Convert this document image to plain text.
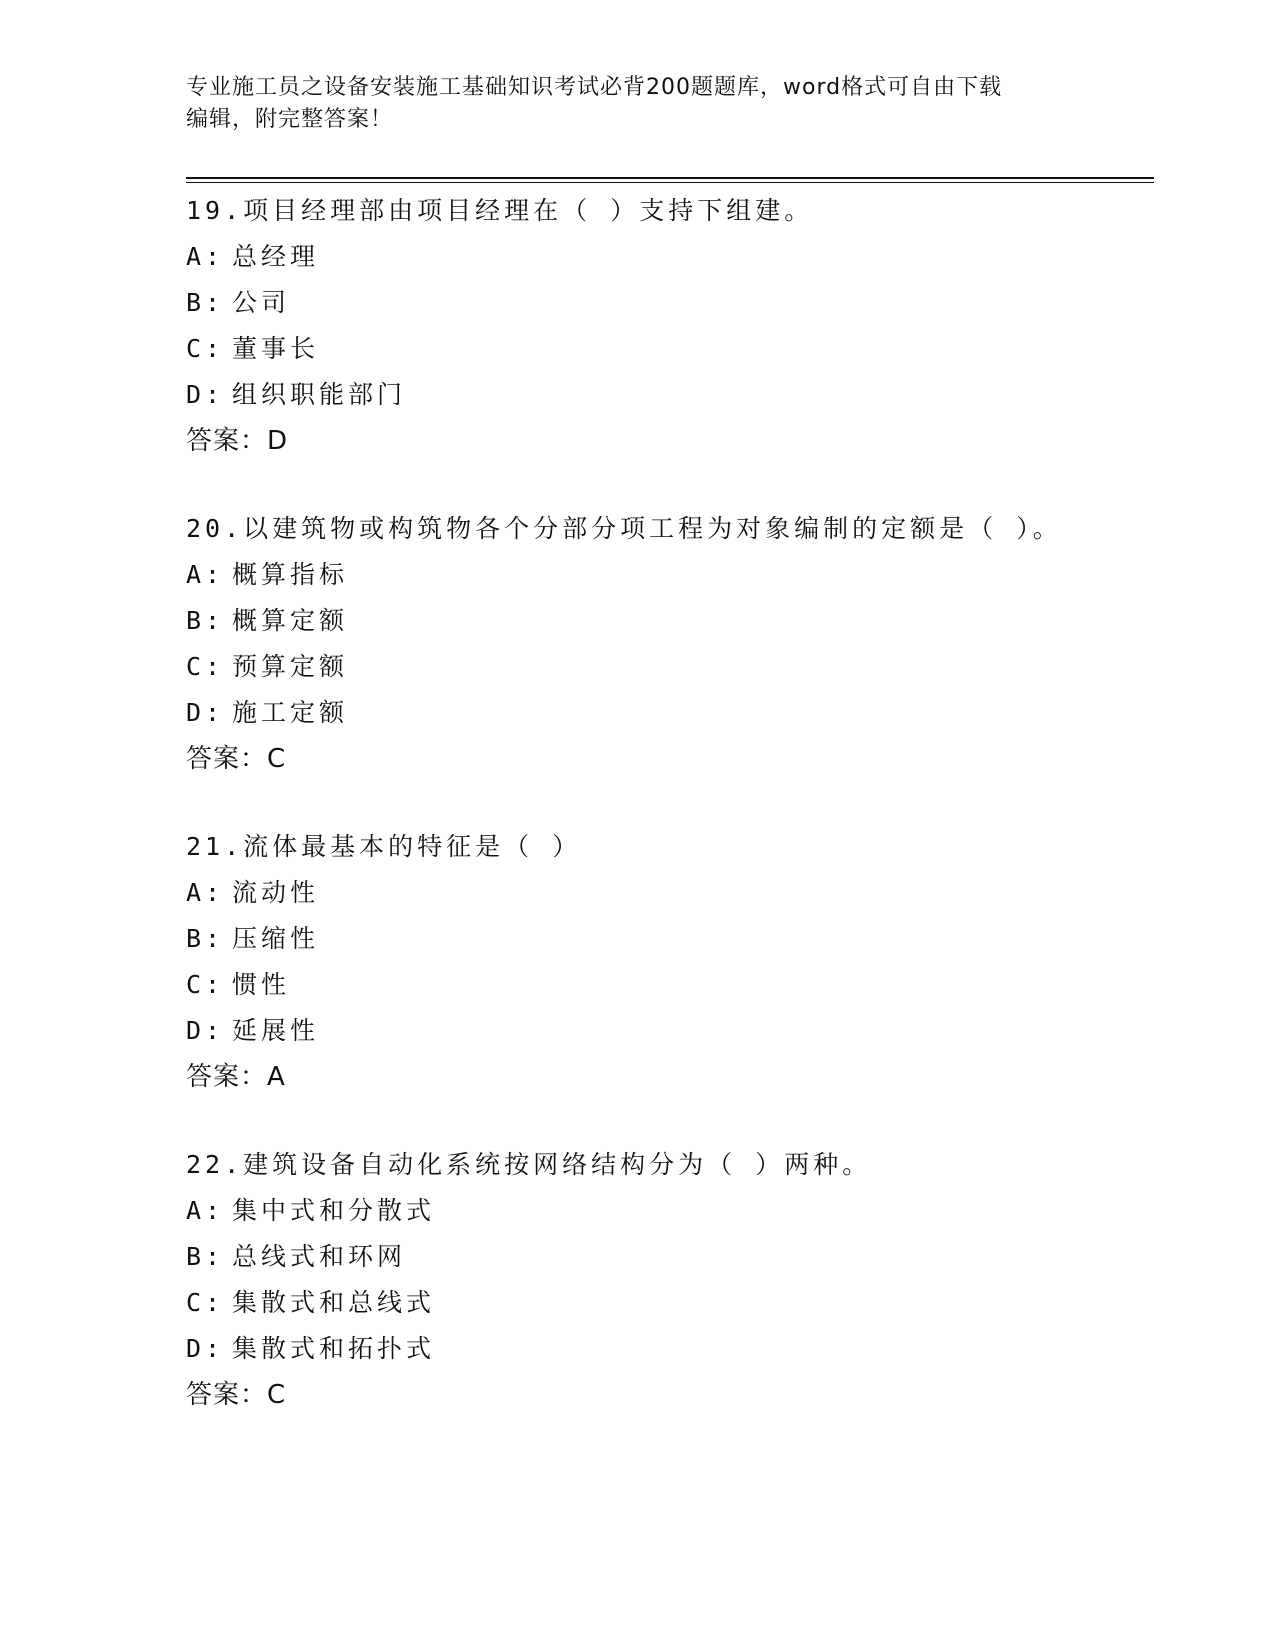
专业施工员之设备安装施工基础知识考试必背200题题库，word格式可自由下载
编辑，附完整答案！
19.项目经理部由项目经理在（ ）支持下组建。
A: 总经理
B: 公司
C: 董事长
D: 组织职能部门
答案：D
20.以建筑物或构筑物各个分部分项工程为对象编制的定额是（ ）。
A: 概算指标
B: 概算定额
C: 预算定额
D: 施工定额
答案：C
21.流体最基本的特征是（ ）
A: 流动性
B: 压缩性
C: 惯性
D: 延展性
答案：A
22.建筑设备自动化系统按网络结构分为（ ）两种。
A: 集中式和分散式
B: 总线式和环网
C: 集散式和总线式
D: 集散式和拓扑式
答案：C
